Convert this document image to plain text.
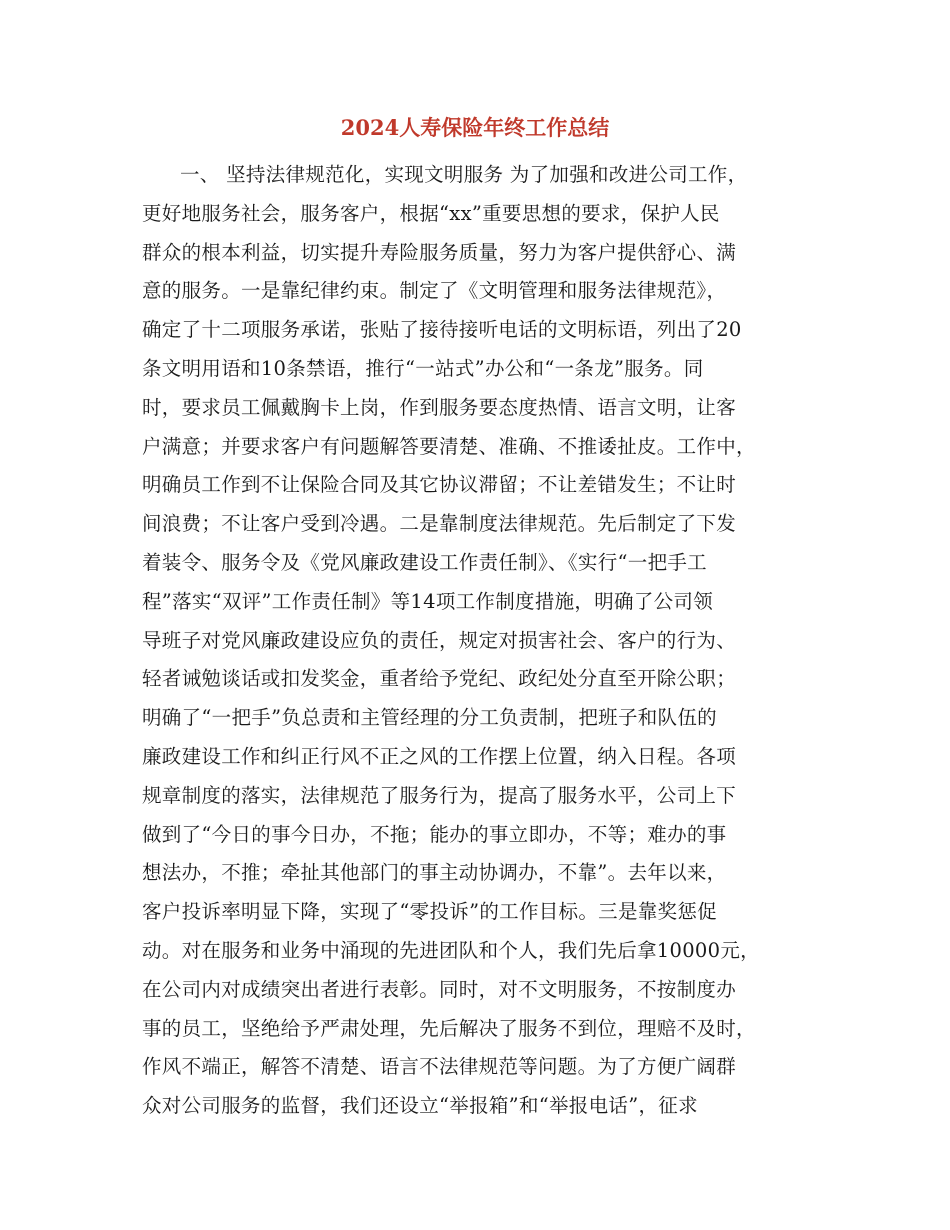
2024人寿保险年终工作总结
一、 坚持法律规范化，实现文明服务 为了加强和改进公司工作，
更好地服务社会，服务客户，根据“xx”重要思想的要求，保护人民
群众的根本利益，切实提升寿险服务质量，努力为客户提供舒心、满
意的服务。一是靠纪律约束。制定了《文明管理和服务法律规范》，
确定了十二项服务承诺，张贴了接待接听电话的文明标语，列出了20
条文明用语和10条禁语，推行“一站式”办公和“一条龙”服务。同
时，要求员工佩戴胸卡上岗，作到服务要态度热情、语言文明，让客
户满意；并要求客户有问题解答要清楚、准确、不推诿扯皮。工作中，
明确员工作到不让保险合同及其它协议滞留；不让差错发生；不让时
间浪费；不让客户受到冷遇。二是靠制度法律规范。先后制定了下发
着装令、服务令及《党风廉政建设工作责任制》、《实行“一把手工
程”落实“双评”工作责任制》等14项工作制度措施，明确了公司领
导班子对党风廉政建设应负的责任，规定对损害社会、客户的行为、
轻者诫勉谈话或扣发奖金，重者给予党纪、政纪处分直至开除公职；
明确了“一把手”负总责和主管经理的分工负责制，把班子和队伍的
廉政建设工作和纠正行风不正之风的工作摆上位置，纳入日程。各项
规章制度的落实，法律规范了服务行为，提高了服务水平，公司上下
做到了“今日的事今日办，不拖；能办的事立即办，不等；难办的事
想法办，不推；牵扯其他部门的事主动协调办，不靠”。去年以来，
客户投诉率明显下降，实现了“零投诉”的工作目标。三是靠奖惩促
动。对在服务和业务中涌现的先进团队和个人，我们先后拿10000元，
在公司内对成绩突出者进行表彰。同时，对不文明服务，不按制度办
事的员工，坚绝给予严肃处理，先后解决了服务不到位，理赔不及时，
作风不端正，解答不清楚、语言不法律规范等问题。为了方便广阔群
众对公司服务的监督，我们还设立“举报箱”和“举报电话”，征求
